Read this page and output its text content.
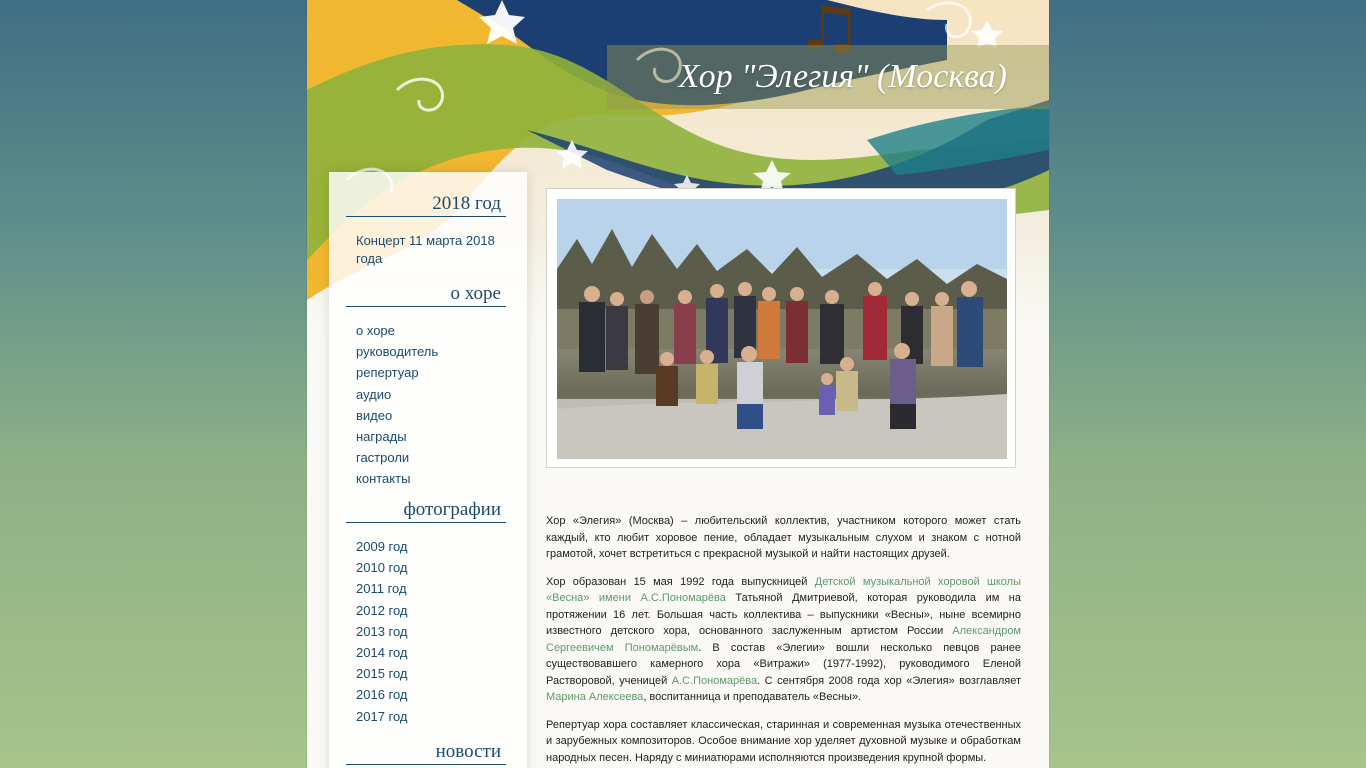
Хор "Элегия" (Москва)
2018 год
Концерт 11 марта 2018 года
о хоре
о хоре
руководитель
репертуар
аудио
видео
награды
гастроли
контакты
фотографии
2009 год
2010 год
2011 год
2012 год
2013 год
2014 год
2015 год
2016 год
2017 год
новости

Хор «Элегия» (Москва) – любительский коллектив, участником которого может стать каждый, кто любит хоровое пение, обладает музыкальным слухом и знаком с нотной грамотой, хочет встретиться с прекрасной музыкой и найти настоящих друзей.

Хор образован 15 мая 1992 года выпускницей Детской музыкальной хоровой школы «Весна» имени А.С.Пономарёва Татьяной Дмитриевой, которая руководила им на протяжении 16 лет. Большая часть коллектива – выпускники «Весны», ныне всемирно известного детского хора, основанного заслуженным артистом России Александром Сергеевичем Пономарёвым. В состав «Элегии» вошли несколько певцов ранее существовавшего камерного хора «Витражи» (1977-1992), руководимого Еленой Растворовой, ученицей А.С.Пономарёва. С сентября 2008 года хор «Элегия» возглавляет Марина Алексеева, воспитанница и преподаватель «Весны».

Репертуар хора составляет классическая, старинная и современная музыка отечественных и зарубежных композиторов. Особое внимание хор уделяет духовной музыке и обработкам народных песен. Наряду с миниатюрами исполняются произведения крупной формы.
